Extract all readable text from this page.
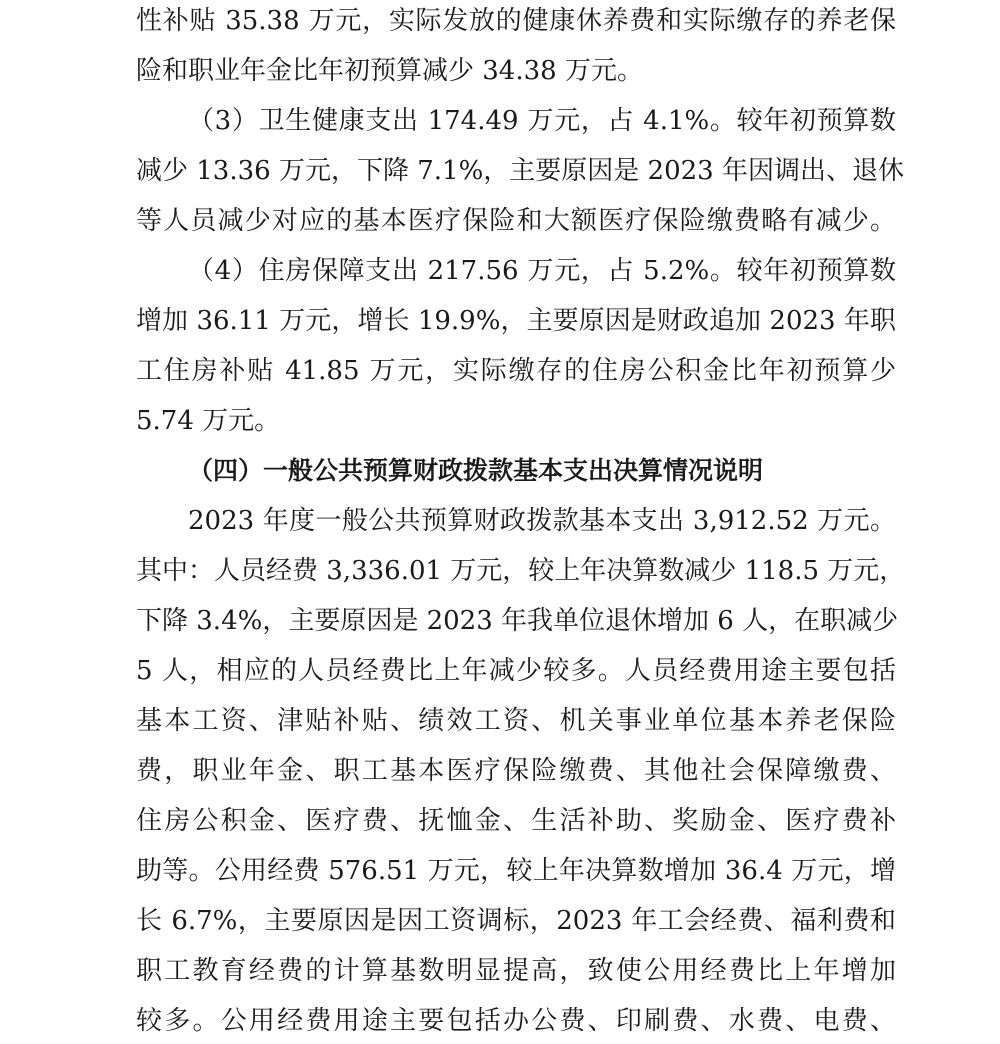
性补贴 35.38 万元，实际发放的健康休养费和实际缴存的养老保
险和职业年金比年初预算减少 34.38 万元。
（3）卫生健康支出 174.49 万元，占 4.1%。较年初预算数
减少 13.36 万元，下降 7.1%，主要原因是 2023 年因调出、退休
等人员减少对应的基本医疗保险和大额医疗保险缴费略有减少。
（4）住房保障支出 217.56 万元，占 5.2%。较年初预算数
增加 36.11 万元，增长 19.9%，主要原因是财政追加 2023 年职
工住房补贴 41.85 万元，实际缴存的住房公积金比年初预算少
5.74 万元。
（四）一般公共预算财政拨款基本支出决算情况说明
2023 年度一般公共预算财政拨款基本支出 3,912.52 万元。
其中：人员经费 3,336.01 万元，较上年决算数减少 118.5 万元，
下降 3.4%，主要原因是 2023 年我单位退休增加 6 人，在职减少
5 人，相应的人员经费比上年减少较多。人员经费用途主要包括
基本工资、津贴补贴、绩效工资、机关事业单位基本养老保险
费，职业年金、职工基本医疗保险缴费、其他社会保障缴费、
住房公积金、医疗费、抚恤金、生活补助、奖励金、医疗费补
助等。公用经费 576.51 万元，较上年决算数增加 36.4 万元，增
长 6.7%，主要原因是因工资调标，2023 年工会经费、福利费和
职工教育经费的计算基数明显提高，致使公用经费比上年增加
较多。公用经费用途主要包括办公费、印刷费、水费、电费、
